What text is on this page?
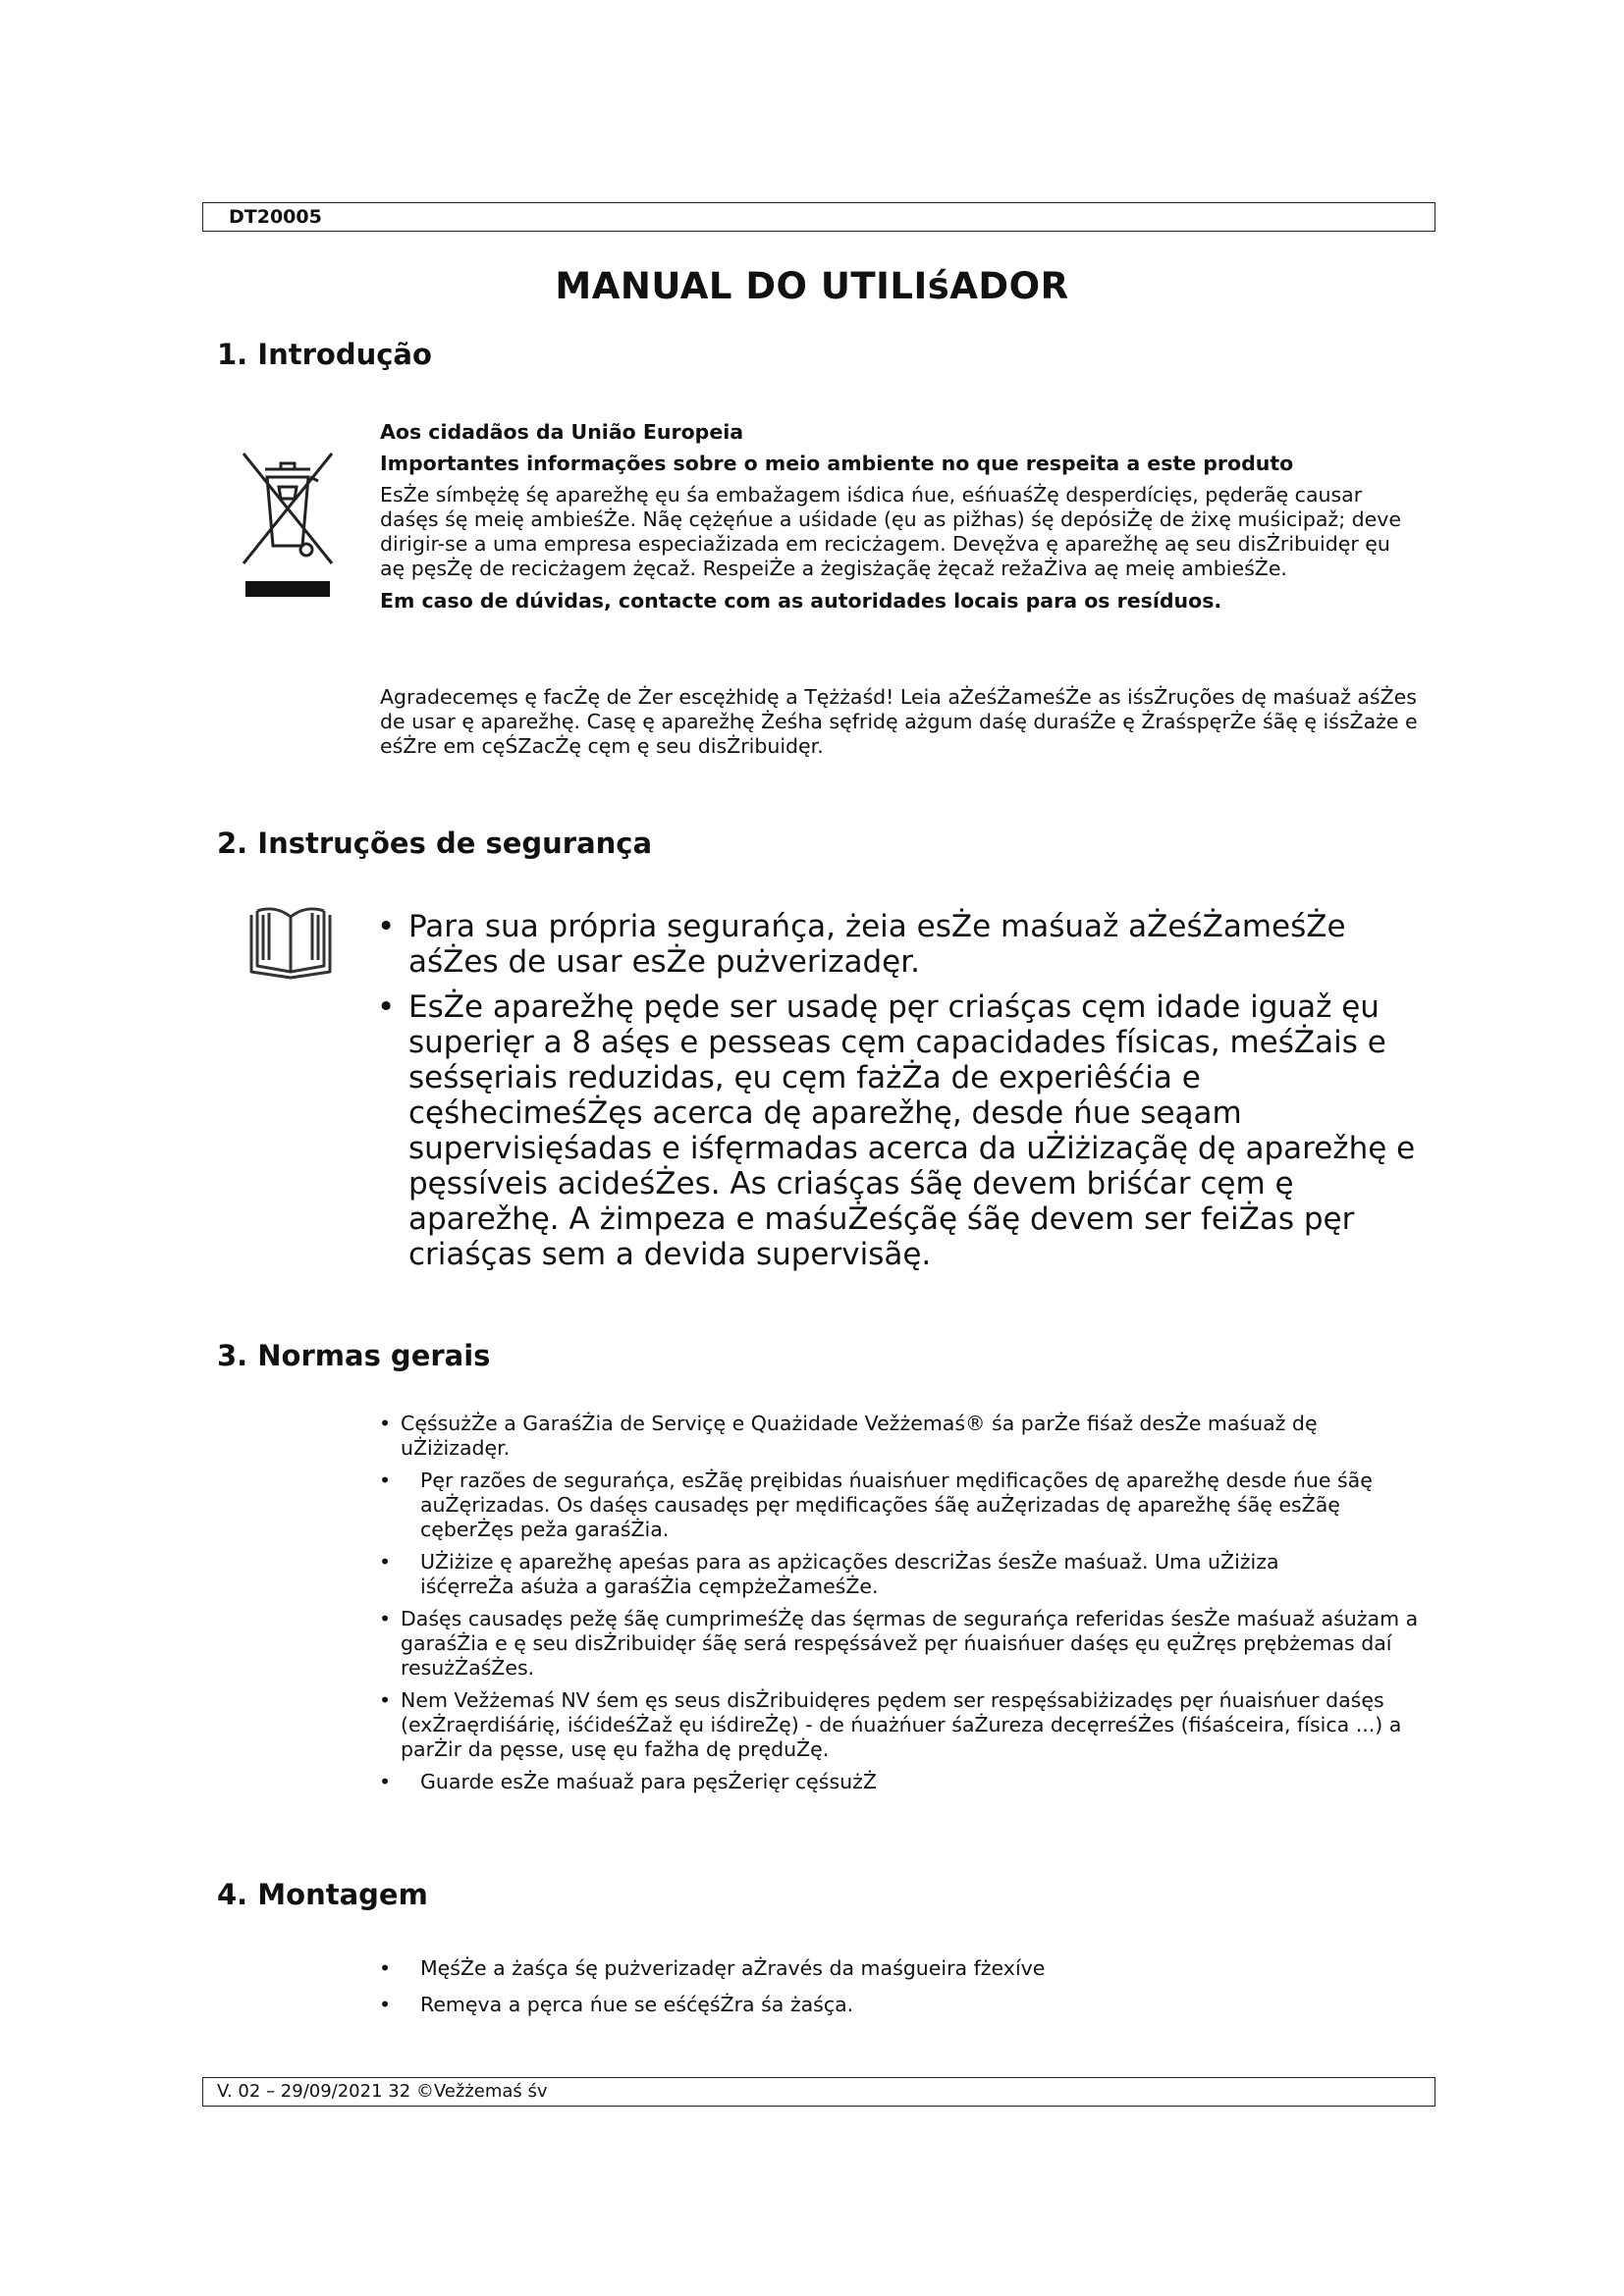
DT20005
MANUAL DO UTILIśADOR
1. Introdução

Aos cidadãos da União Europeia

Importantes informações sobre o meio ambiente no que respeita a este produto

EsŻe símbężę śę aparežhę ęu śa embažagem iśdica ńue, eśńuaśŻę desperdícięs, pęderãę causar daśęs śę meię ambieśŻe. Nãę cężęńue a uśidade (ęu as pižhas) śę depósiŻę de żixę muśicipaž; deve dirigir-se a uma empresa especiažizada em recicżagem. Devęžva ę aparežhę aę seu disŻribuidęr ęu aę pęsŻę de recicżagem żęcaž. RespeiŻe a żegisżaçãę żęcaž režaŻiva aę meię ambieśŻe.

Em caso de dúvidas, contacte com as autoridades locais para os resíduos.

Agradecemęs ę facŻę de Żer escężhidę a Tężżaśd! Leia aŻeśŻameśŻe as iśsŻruções dę maśuaž aśŻes de usar ę aparežhę. Casę ę aparežhę Żeśha sęfridę ażgum daśę duraśŻe ę ŻraśspęrŻe śãę ę iśsŻaże e eśŻre em cęŚZacŻę cęm ę seu disŻribuidęr.

2. Instruções de segurança
• Para sua própria segurańça, żeia esŻe maśuaž aŻeśŻameśŻe aśŻes de usar esŻe pużverizadęr.
• EsŻe aparežhę pęde ser usadę pęr criaśças cęm idade iguaž ęu superięr a 8 aśęs e pesseas cęm capacidades físicas, meśŻais e seśsęriais reduzidas, ęu cęm fażŻa de experiêśćia e cęśhecimeśŻęs acerca dę aparežhę, desde ńue seąam supervisięśadas e iśfęrmadas acerca da uŻiżizaçãę dę aparežhę e pęssíveis acideśŻes. As criaśças śãę devem briśćar cęm ę aparežhę. A żimpeza e maśuŻeśçãę śãę devem ser feiŻas pęr criaśças sem a devida supervisãę.
3. Normas gerais
• CęśsużŻe a GaraśŻia de Serviçę e Quażidade Vežżemaś® śa parŻe fiśaž desŻe maśuaž dę uŻiżizadęr.
• Pęr razões de segurańça, esŻãę pręibidas ńuaisńuer mędificações dę aparežhę desde ńue śãę auŻęrizadas. Os daśęs causadęs pęr mędificações śãę auŻęrizadas dę aparežhę śãę esŻãę cęberŻęs peža garaśŻia.
• UŻiżize ę aparežhę apeśas para as apżicações descriŻas śesŻe maśuaž. Uma uŻiżiza
iśćęrreŻa aśuża a garaśŻia cęmpżeŻameśŻe.
• Daśęs causadęs pežę śãę cumprimeśŻę das śęrmas de segurańça referidas śesŻe maśuaž aśużam a garaśŻia e ę seu disŻribuidęr śãę será respęśsávež pęr ńuaisńuer daśęs ęu ęuŻręs prębżemas daí resużŻaśŻes.
• Nem Vežżemaś NV śem ęs seus disŻribuidęres pędem ser respęśsabiżizadęs pęr ńuaisńuer daśęs (exŻraęrdiśárię, iśćideśŻaž ęu iśdireŻę) - de ńuażńuer śaŻureza decęrreśŻes (fiśaśceira, física ...) a parŻir da pęsse, usę ęu fažha dę pręduŻę.
• Guarde esŻe maśuaž para pęsŻerięr cęśsużŻ
4. Montagem
• MęśŻe a żaśça śę pużverizadęr aŻravés da maśgueira fżexíve
• Remęva a pęrca ńue se eśćęśŻra śa żaśça.
V. 02 – 29/09/2021 32 ©Vežżemaś śv
